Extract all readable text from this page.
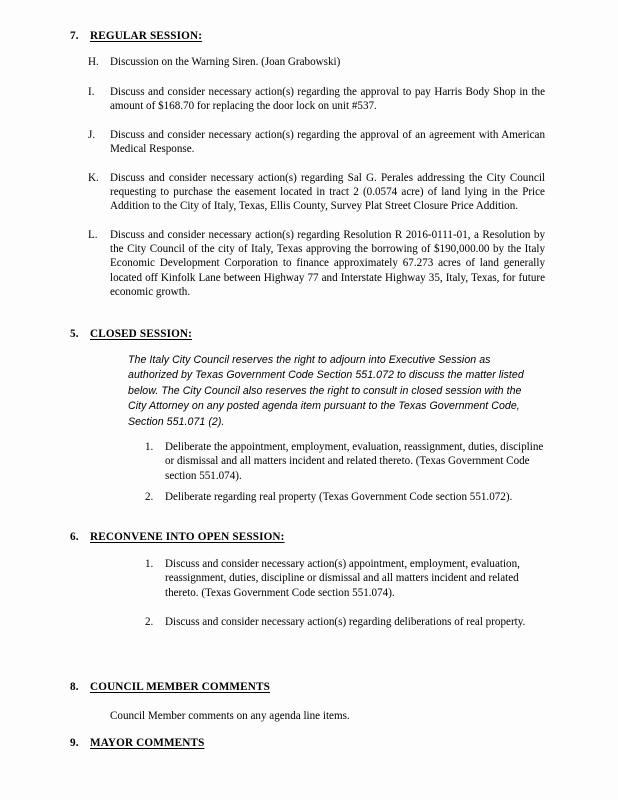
7.	REGULAR SESSION:
H.	Discussion on the Warning Siren. (Joan Grabowski)
I.	Discuss and consider necessary action(s) regarding the approval to pay Harris Body Shop in the amount of $168.70 for replacing the door lock on unit #537.
J.	Discuss and consider necessary action(s) regarding the approval of an agreement with American Medical Response.
K.	Discuss and consider necessary action(s) regarding Sal G. Perales addressing the City Council requesting to purchase the easement located in tract 2 (0.0574 acre) of land lying in the Price Addition to the City of Italy, Texas, Ellis County, Survey Plat Street Closure Price Addition.
L.	Discuss and consider necessary action(s) regarding Resolution R 2016-0111-01, a Resolution by the City Council of the city of Italy, Texas approving the borrowing of $190,000.00 by the Italy Economic Development Corporation to finance approximately 67.273 acres of land generally located off Kinfolk Lane between Highway 77 and Interstate Highway 35, Italy, Texas, for future economic growth.
5.	CLOSED SESSION:
The Italy City Council reserves the right to adjourn into Executive Session as authorized by Texas Government Code Section 551.072 to discuss the matter listed below. The City Council also reserves the right to consult in closed session with the City Attorney on any posted agenda item pursuant to the Texas Government Code, Section 551.071 (2).
1.	Deliberate the appointment, employment, evaluation, reassignment, duties, discipline or dismissal and all matters incident and related thereto. (Texas Government Code section 551.074).
2.	Deliberate regarding real property (Texas Government Code section 551.072).
6.	RECONVENE INTO OPEN SESSION:
1.	Discuss and consider necessary action(s) appointment, employment, evaluation, reassignment, duties, discipline or dismissal and all matters incident and related thereto. (Texas Government Code section 551.074).
2.	Discuss and consider necessary action(s) regarding deliberations of real property.
8.	COUNCIL MEMBER COMMENTS
Council Member comments on any agenda line items.
9.	MAYOR COMMENTS
